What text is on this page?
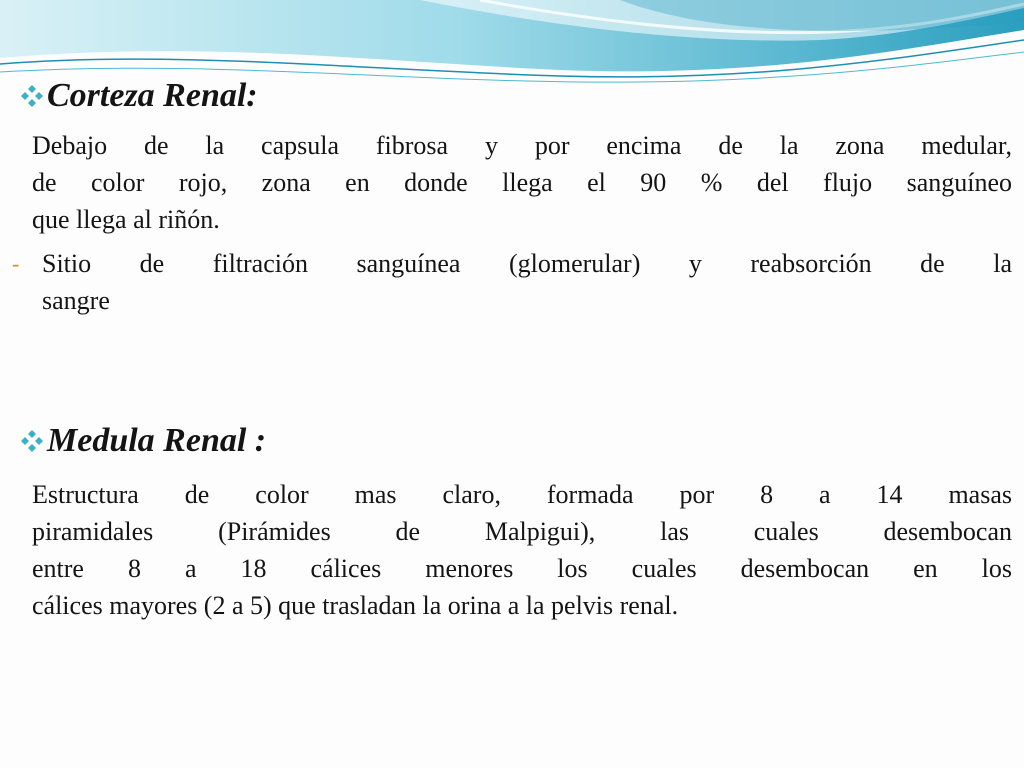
Corteza Renal:

Debajo de la capsula fibrosa y por encima de la zona medular,
de color rojo, zona en donde llega el 90 % del flujo sanguíneo
que llega al riñón.

- Sitio de filtración sanguínea (glomerular) y reabsorción de la
sangre

Medula Renal :

Estructura de color mas claro, formada por 8 a 14 masas
piramidales (Pirámides de Malpigui), las cuales desembocan
entre 8 a 18 cálices menores los cuales desembocan en los
cálices mayores (2 a 5) que trasladan la orina a la pelvis renal.
